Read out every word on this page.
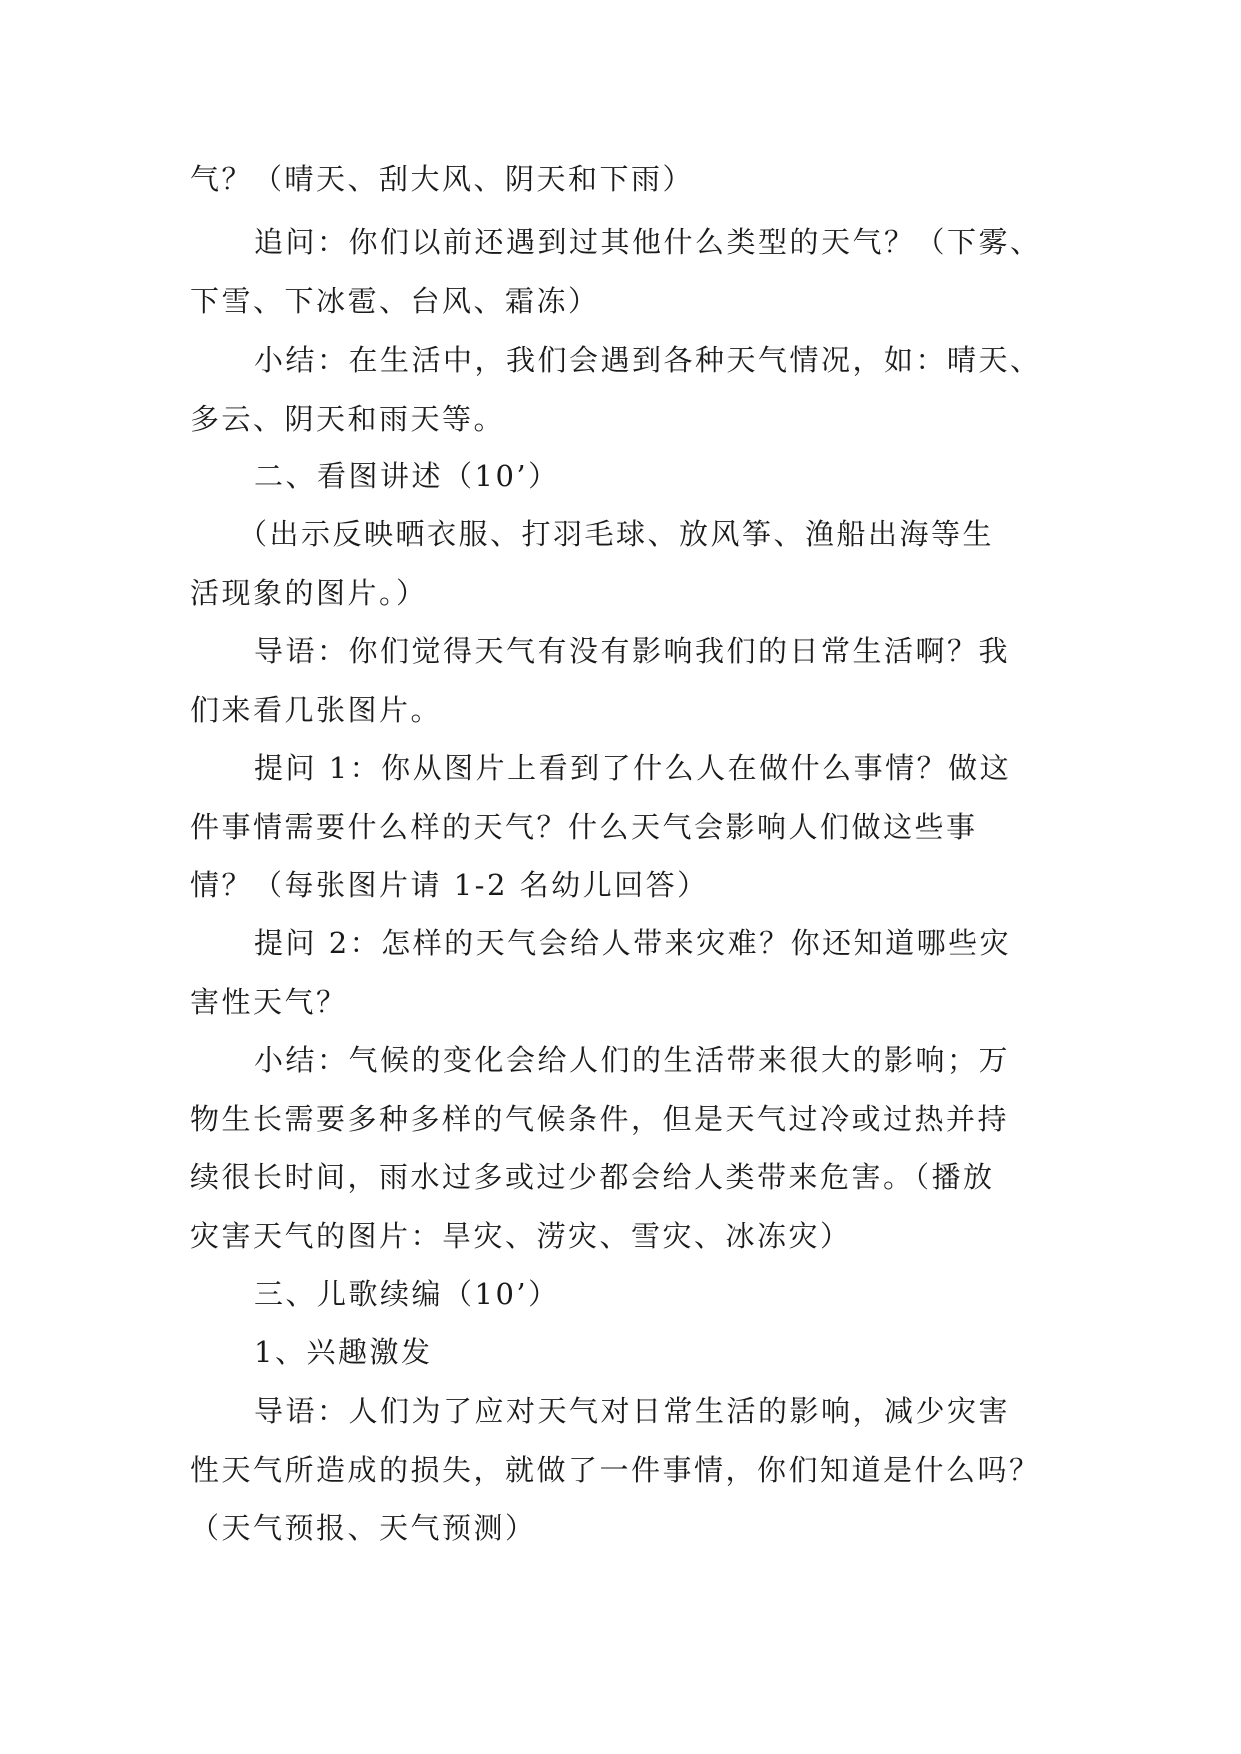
气？（晴天、刮大风、阴天和下雨）

追问：你们以前还遇到过其他什么类型的天气？（下雾、
下雪、下冰雹、台风、霜冻）

小结：在生活中，我们会遇到各种天气情况，如：晴天、
多云、阴天和雨天等。

二、看图讲述（10’）

（出示反映晒衣服、打羽毛球、放风筝、渔船出海等生
活现象的图片。）

导语：你们觉得天气有没有影响我们的日常生活啊？我
们来看几张图片。

提问 1：你从图片上看到了什么人在做什么事情？做这
件事情需要什么样的天气？什么天气会影响人们做这些事
情？（每张图片请 1-2 名幼儿回答）

提问 2：怎样的天气会给人带来灾难？你还知道哪些灾
害性天气？

小结：气候的变化会给人们的生活带来很大的影响；万
物生长需要多种多样的气候条件，但是天气过冷或过热并持
续很长时间，雨水过多或过少都会给人类带来危害。（播放
灾害天气的图片：旱灾、涝灾、雪灾、冰冻灾）

三、儿歌续编（10’）

1、兴趣激发

导语：人们为了应对天气对日常生活的影响，减少灾害
性天气所造成的损失，就做了一件事情，你们知道是什么吗？
（天气预报、天气预测）
